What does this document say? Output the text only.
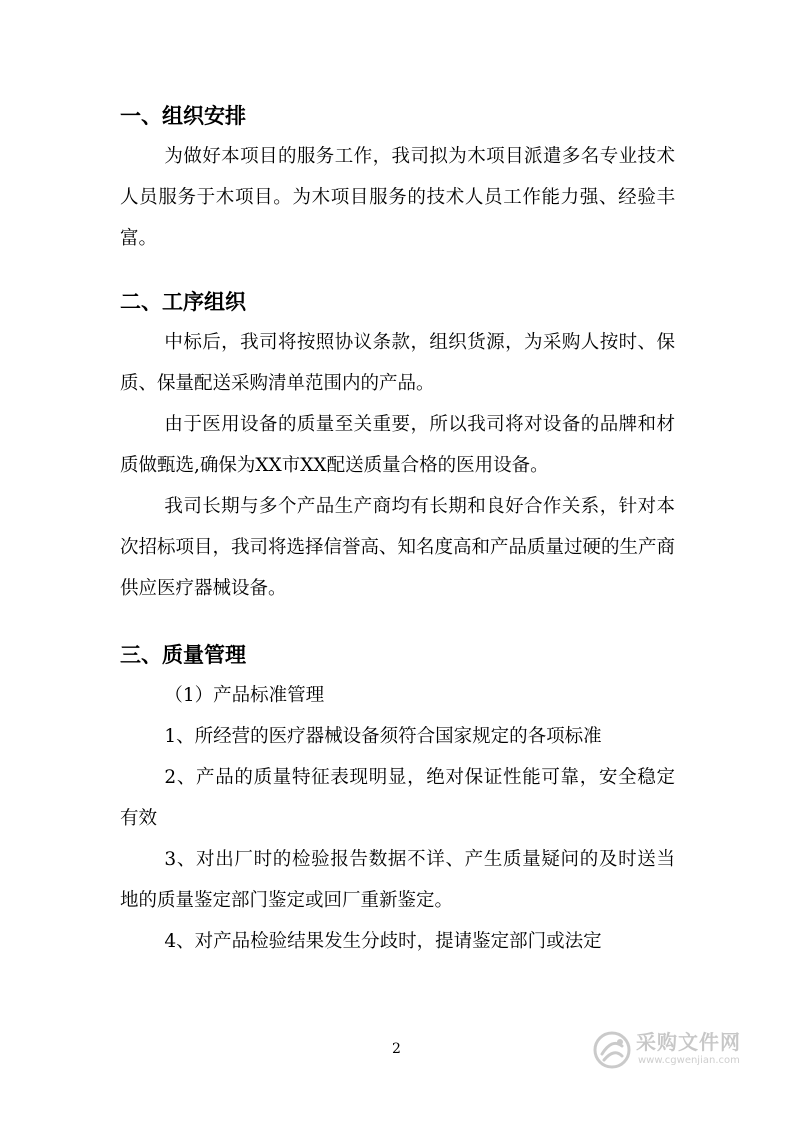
一、组织安排

为做好本项目的服务工作，我司拟为木项目派遣多名专业技术人员服务于木项目。为木项目服务的技术人员工作能力强、经验丰富。

二、工序组织

中标后，我司将按照协议条款，组织货源，为采购人按时、保质、保量配送采购清单范围内的产品。

由于医用设备的质量至关重要，所以我司将对设备的品牌和材质做甄选,确保为XX市XX配送质量合格的医用设备。

我司长期与多个产品生产商均有长期和良好合作关系，针对本次招标项目，我司将选择信誉高、知名度高和产品质量过硬的生产商供应医疗器械设备。

三、质量管理

（1）产品标准管理

1、所经营的医疗器械设备须符合国家规定的各项标准

2、产品的质量特征表现明显，绝对保证性能可靠，安全稳定有效

3、对出厂时的检验报告数据不详、产生质量疑问的及时送当地的质量鉴定部门鉴定或回厂重新鉴定。

4、对产品检验结果发生分歧时，提请鉴定部门或法定

2	采购文件网
www.cgwenjian.com
